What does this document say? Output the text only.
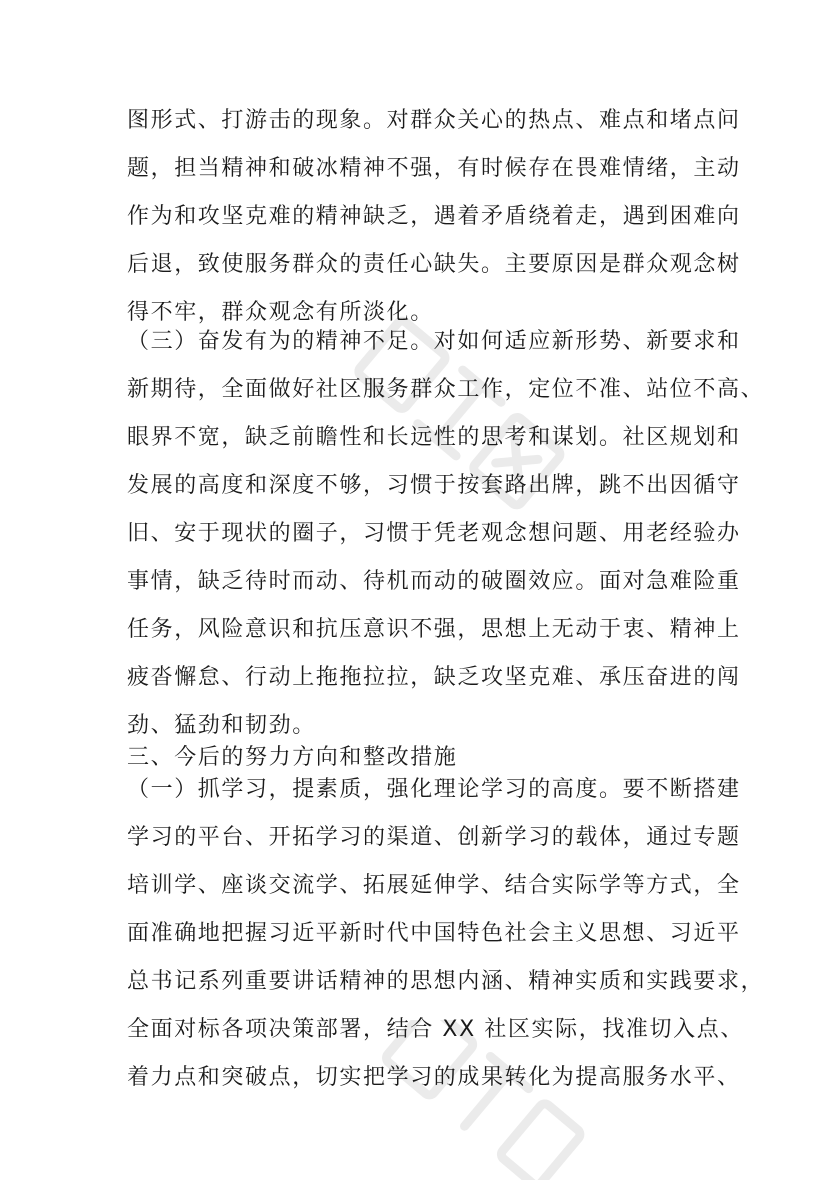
图形式、打游击的现象。对群众关心的热点、难点和堵点问
题，担当精神和破冰精神不强，有时候存在畏难情绪，主动
作为和攻坚克难的精神缺乏，遇着矛盾绕着走，遇到困难向
后退，致使服务群众的责任心缺失。主要原因是群众观念树
得不牢，群众观念有所淡化。
（三）奋发有为的精神不足。对如何适应新形势、新要求和
新期待，全面做好社区服务群众工作，定位不准、站位不高、
眼界不宽，缺乏前瞻性和长远性的思考和谋划。社区规划和
发展的高度和深度不够，习惯于按套路出牌，跳不出因循守
旧、安于现状的圈子，习惯于凭老观念想问题、用老经验办
事情，缺乏待时而动、待机而动的破圈效应。面对急难险重
任务，风险意识和抗压意识不强，思想上无动于衷、精神上
疲沓懈怠、行动上拖拖拉拉，缺乏攻坚克难、承压奋进的闯
劲、猛劲和韧劲。
三、今后的努力方向和整改措施
（一）抓学习，提素质，强化理论学习的高度。要不断搭建
学习的平台、开拓学习的渠道、创新学习的载体，通过专题
培训学、座谈交流学、拓展延伸学、结合实际学等方式，全
面准确地把握习近平新时代中国特色社会主义思想、习近平
总书记系列重要讲话精神的思想内涵、精神实质和实践要求，
全面对标各项决策部署，结合 XX 社区实际，找准切入点、
着力点和突破点，切实把学习的成果转化为提高服务水平、
